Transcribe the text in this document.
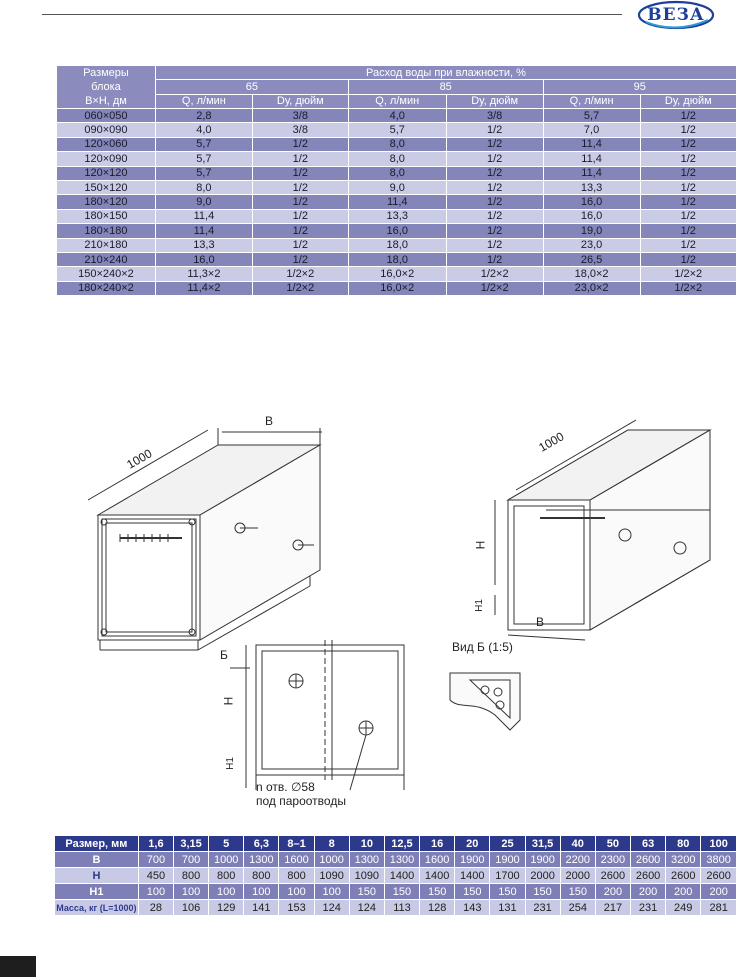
ВЕЗА
Размеры
блока
B×H, дм	Расход воды при влажности, %					
	65		85		95	
	Q, л/мин	Dу, дюйм	Q, л/мин	Dу, дюйм	Q, л/мин	Dу, дюйм
060×050	2,8	3/8	4,0	3/8	5,7	1/2
090×090	4,0	3/8	5,7	1/2	7,0	1/2
120×060	5,7	1/2	8,0	1/2	11,4	1/2
120×090	5,7	1/2	8,0	1/2	11,4	1/2
120×120	5,7	1/2	8,0	1/2	11,4	1/2
150×120	8,0	1/2	9,0	1/2	13,3	1/2
180×120	9,0	1/2	11,4	1/2	16,0	1/2
180×150	11,4	1/2	13,3	1/2	16,0	1/2
180×180	11,4	1/2	16,0	1/2	19,0	1/2
210×180	13,3	1/2	18,0	1/2	23,0	1/2
210×240	16,0	1/2	18,0	1/2	26,5	1/2
150×240×2	11,3×2	1/2×2	16,0×2	1/2×2	18,0×2	1/2×2
180×240×2	11,4×2	1/2×2	16,0×2	1/2×2	23,0×2	1/2×2
1000
B
1000
H
H1
B
Б
H
H1
n отв. ∅58
под пароотводы
Вид Б (1:5)
Размер, мм	1,6	3,15	5	6,3	8–1	8	10	12,5	16	20	25	31,5	40	50	63	80	100
B	700	700	1000	1300	1600	1000	1300	1300	1600	1900	1900	1900	2200	2300	2600	3200	3800
H	450	800	800	800	800	1090	1090	1400	1400	1400	1700	2000	2000	2600	2600	2600	2600
H1	100	100	100	100	100	100	150	150	150	150	150	150	150	200	200	200	200
Масса, кг (L=1000)	28	106	129	141	153	124	124	113	128	143	131	231	254	217	231	249	281
